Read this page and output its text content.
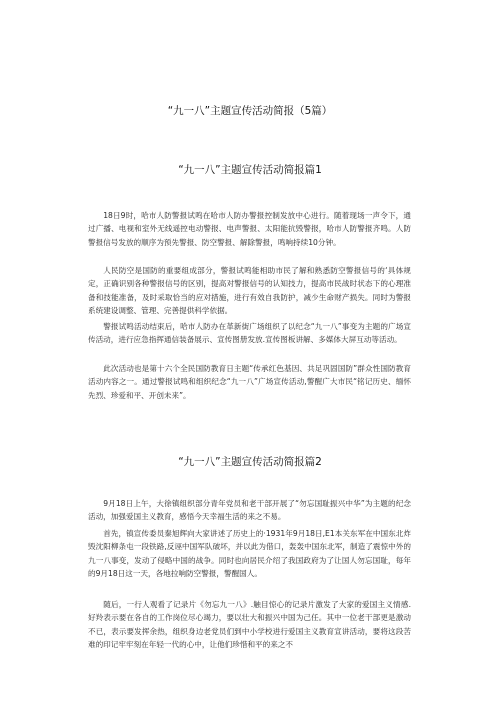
“九一八”主题宣传活动简报（5篇）
“九一八”主题宣传活动简报篇1

18日9时，哈市人防警报试鸣在哈市人防办警报控制发放中心进行。随着现场一声令下，通过广播、电视和室外无线遥控电动警报、电声警报、太阳能抗毁警报，哈市人防警报齐鸣。人防警报信号发放的顺序为预先警报、防空警报、解除警报，鸣响持续10分钟。

人民防空是国防的重要组成部分，警报试鸣能相助市民了解和熟悉防空警报信号的‘具体规定，正确识别各种警报信号的区别，提高对警报信号的认知技力，提高市民战时状态下的心理准备和技能准备，及时采取恰当的应对措施，进行有效自我防护，减少生命财产损失。同时为警报系统建设调整、管理、完善提供科学依据。

警报试鸣活动结束后，哈市人防办在革新街广场组织了以纪念“九一八”事变为主题的广场宣传活动，进行应急指挥通信装备展示、宣传图册发放.宣传图板讲解、多媒体大屏互动等活动。

此次活动也是第十六个全民国防教育日主题“传承红色基因、共足巩固国防”群众性国防教育活动内容之一。通过警报试鸣和组织纪念“九一八”广场宣传活动,警醒广大市民“铭记历史、缅怀先烈、珍爱和平、开创未来”。

“九一八”主题宣传活动简报篇2

9月18日上午，大徐镇组织部分青年党员和老干部开展了“勿忘国耻振兴中华”为主题的纪念活动，加强爱国主义教育，感悟今天幸福生活的来之不易。

首先，镇宣传委员秦旭辉向大家讲述了历史上的·1931年9月18日,E1本关东军在中国东北炸毁沈阳柳条屯一段铁路,反诬中国军队破坏，并以此为借口，轰轰中国东北军，制造了震惊中外的九一八事变，发动了侵略中国的战争。同时也向居民介绍了我国政府为了让国人勿忘国耻，每年的9月18日这一天，各地拉响防空警报，警醒国人。

随后，一行人观看了记录片《勿忘九一八》.触目惊心的记录片激发了大家的爱国主义情感.好羚表示要在各自的工作岗位尽心竭力，要以壮大和振兴中国为己任。其中一位老干部更是激动不已，表示要发挥余热，组织身边老党员们到中小学校进行爱国主义教育宣讲活动，要将这段苦难的印记牢牢刻在年轻一代的心中，让他们珍惜和平的来之不
